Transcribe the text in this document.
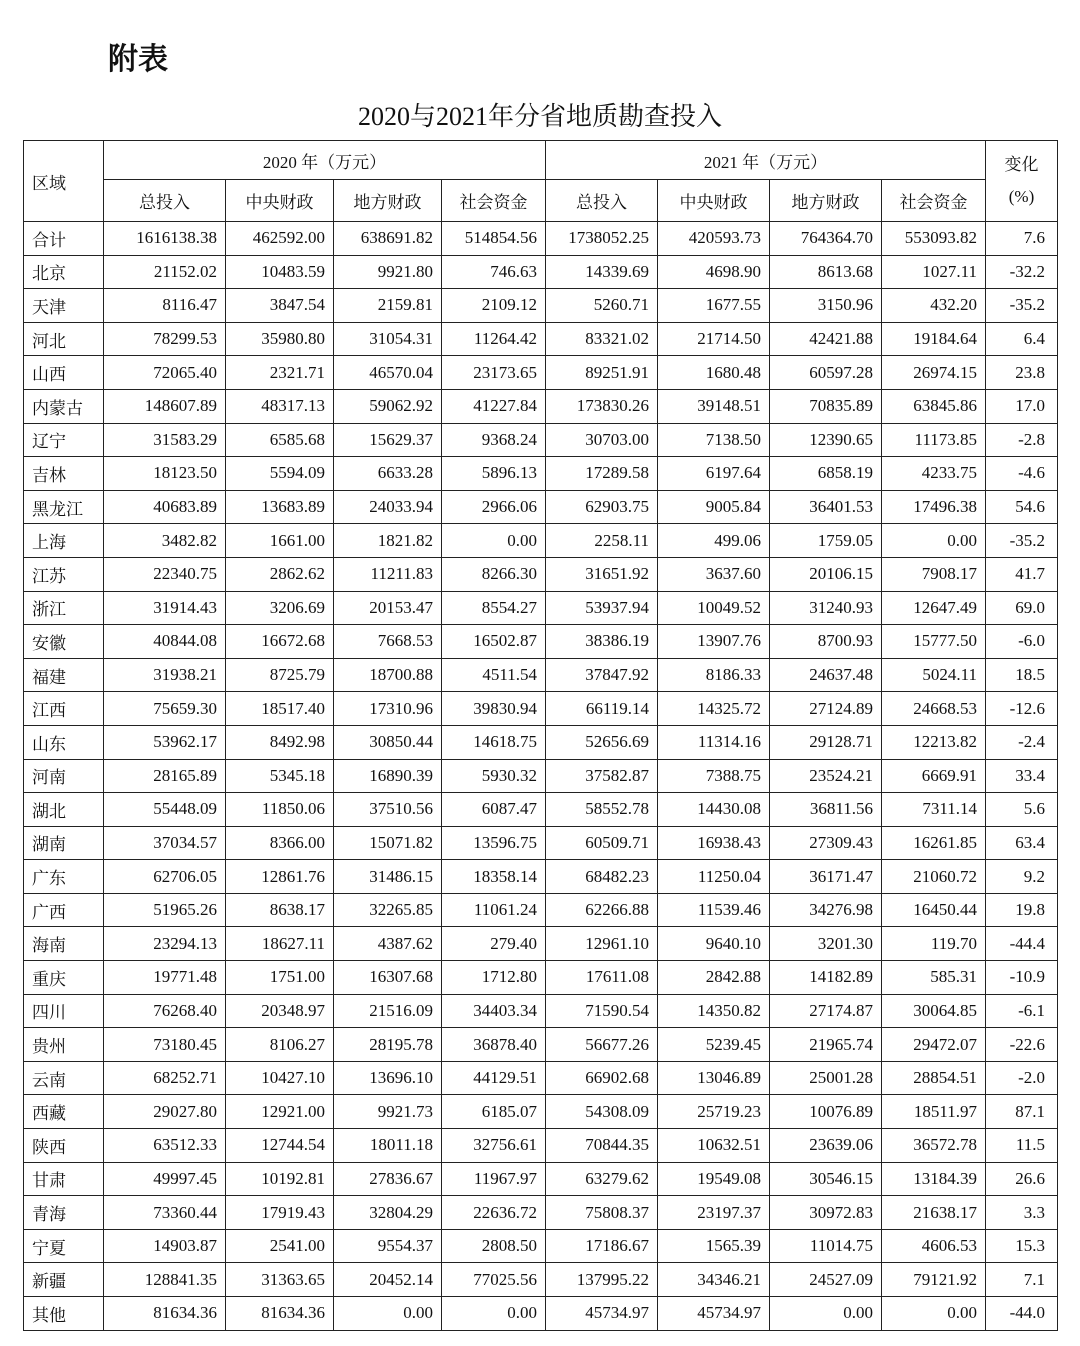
附表
2020与2021年分省地质勘查投入
区域	2020 年（万元）				2021 年（万元）				变化
(%)

	总投入	中央财政	地方财政	社会资金	总投入	中央财政	地方财政	社会资金	
合计	1616138.38	462592.00	638691.82	514854.56	1738052.25	420593.73	764364.70	553093.82	7.6
北京	21152.02	10483.59	9921.80	746.63	14339.69	4698.90	8613.68	1027.11	-32.2
天津	8116.47	3847.54	2159.81	2109.12	5260.71	1677.55	3150.96	432.20	-35.2
河北	78299.53	35980.80	31054.31	11264.42	83321.02	21714.50	42421.88	19184.64	6.4
山西	72065.40	2321.71	46570.04	23173.65	89251.91	1680.48	60597.28	26974.15	23.8
内蒙古	148607.89	48317.13	59062.92	41227.84	173830.26	39148.51	70835.89	63845.86	17.0
辽宁	31583.29	6585.68	15629.37	9368.24	30703.00	7138.50	12390.65	11173.85	-2.8
吉林	18123.50	5594.09	6633.28	5896.13	17289.58	6197.64	6858.19	4233.75	-4.6
黑龙江	40683.89	13683.89	24033.94	2966.06	62903.75	9005.84	36401.53	17496.38	54.6
上海	3482.82	1661.00	1821.82	0.00	2258.11	499.06	1759.05	0.00	-35.2
江苏	22340.75	2862.62	11211.83	8266.30	31651.92	3637.60	20106.15	7908.17	41.7
浙江	31914.43	3206.69	20153.47	8554.27	53937.94	10049.52	31240.93	12647.49	69.0
安徽	40844.08	16672.68	7668.53	16502.87	38386.19	13907.76	8700.93	15777.50	-6.0
福建	31938.21	8725.79	18700.88	4511.54	37847.92	8186.33	24637.48	5024.11	18.5
江西	75659.30	18517.40	17310.96	39830.94	66119.14	14325.72	27124.89	24668.53	-12.6
山东	53962.17	8492.98	30850.44	14618.75	52656.69	11314.16	29128.71	12213.82	-2.4
河南	28165.89	5345.18	16890.39	5930.32	37582.87	7388.75	23524.21	6669.91	33.4
湖北	55448.09	11850.06	37510.56	6087.47	58552.78	14430.08	36811.56	7311.14	5.6
湖南	37034.57	8366.00	15071.82	13596.75	60509.71	16938.43	27309.43	16261.85	63.4
广东	62706.05	12861.76	31486.15	18358.14	68482.23	11250.04	36171.47	21060.72	9.2
广西	51965.26	8638.17	32265.85	11061.24	62266.88	11539.46	34276.98	16450.44	19.8
海南	23294.13	18627.11	4387.62	279.40	12961.10	9640.10	3201.30	119.70	-44.4
重庆	19771.48	1751.00	16307.68	1712.80	17611.08	2842.88	14182.89	585.31	-10.9
四川	76268.40	20348.97	21516.09	34403.34	71590.54	14350.82	27174.87	30064.85	-6.1
贵州	73180.45	8106.27	28195.78	36878.40	56677.26	5239.45	21965.74	29472.07	-22.6
云南	68252.71	10427.10	13696.10	44129.51	66902.68	13046.89	25001.28	28854.51	-2.0
西藏	29027.80	12921.00	9921.73	6185.07	54308.09	25719.23	10076.89	18511.97	87.1
陕西	63512.33	12744.54	18011.18	32756.61	70844.35	10632.51	23639.06	36572.78	11.5
甘肃	49997.45	10192.81	27836.67	11967.97	63279.62	19549.08	30546.15	13184.39	26.6
青海	73360.44	17919.43	32804.29	22636.72	75808.37	23197.37	30972.83	21638.17	3.3
宁夏	14903.87	2541.00	9554.37	2808.50	17186.67	1565.39	11014.75	4606.53	15.3
新疆	128841.35	31363.65	20452.14	77025.56	137995.22	34346.21	24527.09	79121.92	7.1
其他	81634.36	81634.36	0.00	0.00	45734.97	45734.97	0.00	0.00	-44.0
